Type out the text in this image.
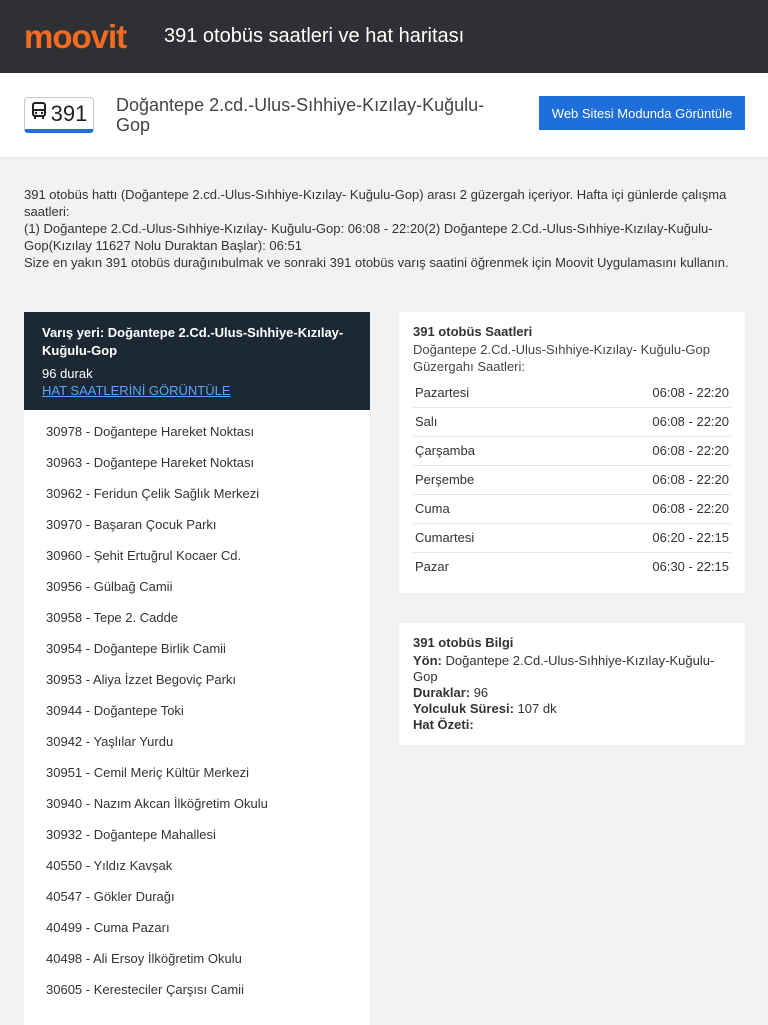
moovit	391 otobüs saatleri ve hat haritası
391 Doğantepe 2.cd.-Ulus-Sıhhiye-Kızılay-Kuğulu-Gop
Web Sitesi Modunda Görüntüle
391 otobüs hattı (Doğantepe 2.cd.-Ulus-Sıhhiye-Kızılay- Kuğulu-Gop) arası 2 güzergah içeriyor. Hafta içi günlerde çalışma saatleri:
(1) Doğantepe 2.Cd.-Ulus-Sıhhiye-Kızılay- Kuğulu-Gop: 06:08 - 22:20(2) Doğantepe 2.Cd.-Ulus-Sıhhiye-Kızılay-Kuğulu-Gop(Kızılay 11627 Nolu Duraktan Başlar): 06:51
Size en yakın 391 otobüs durağınıbulmak ve sonraki 391 otobüs varış saatini öğrenmek için Moovit Uygulamasını kullanın.
Varış yeri: Doğantepe 2.Cd.-Ulus-Sıhhiye-Kızılay- Kuğulu-Gop
96 durak
HAT SAATLERİNİ GÖRÜNTÜLE
30978 - Doğantepe Hareket Noktası
30963 - Doğantepe Hareket Noktası
30962 - Feridun Çelik Sağlık Merkezi
30970 - Başaran Çocuk Parkı
30960 - Şehit Ertuğrul Kocaer Cd.
30956 - Gülbağ Camii
30958 - Tepe 2. Cadde
30954 - Doğantepe Birlik Camii
30953 - Aliya İzzet Begoviç Parkı
30944 - Doğantepe Toki
30942 - Yaşlılar Yurdu
30951 - Cemil Meriç Kültür Merkezi
30940 - Nazım Akcan İlköğretim Okulu
30932 - Doğantepe Mahallesi
40550 - Yıldız Kavşak
40547 - Gökler Durağı
40499 - Cuma Pazarı
40498 - Ali Ersoy İlköğretim Okulu
30605 - Keresteciler Çarşısı Camii
391 otobüs Saatleri
Doğantepe 2.Cd.-Ulus-Sıhhiye-Kızılay- Kuğulu-Gop Güzergahı Saatleri:
Pazartesi	06:08 - 22:20
Salı	06:08 - 22:20
Çarşamba	06:08 - 22:20
Perşembe	06:08 - 22:20
Cuma	06:08 - 22:20
Cumartesi	06:20 - 22:15
Pazar	06:30 - 22:15
391 otobüs Bilgi
Yön: Doğantepe 2.Cd.-Ulus-Sıhhiye-Kızılay-Kuğulu-Gop
Duraklar: 96
Yolculuk Süresi: 107 dk
Hat Özeti:
